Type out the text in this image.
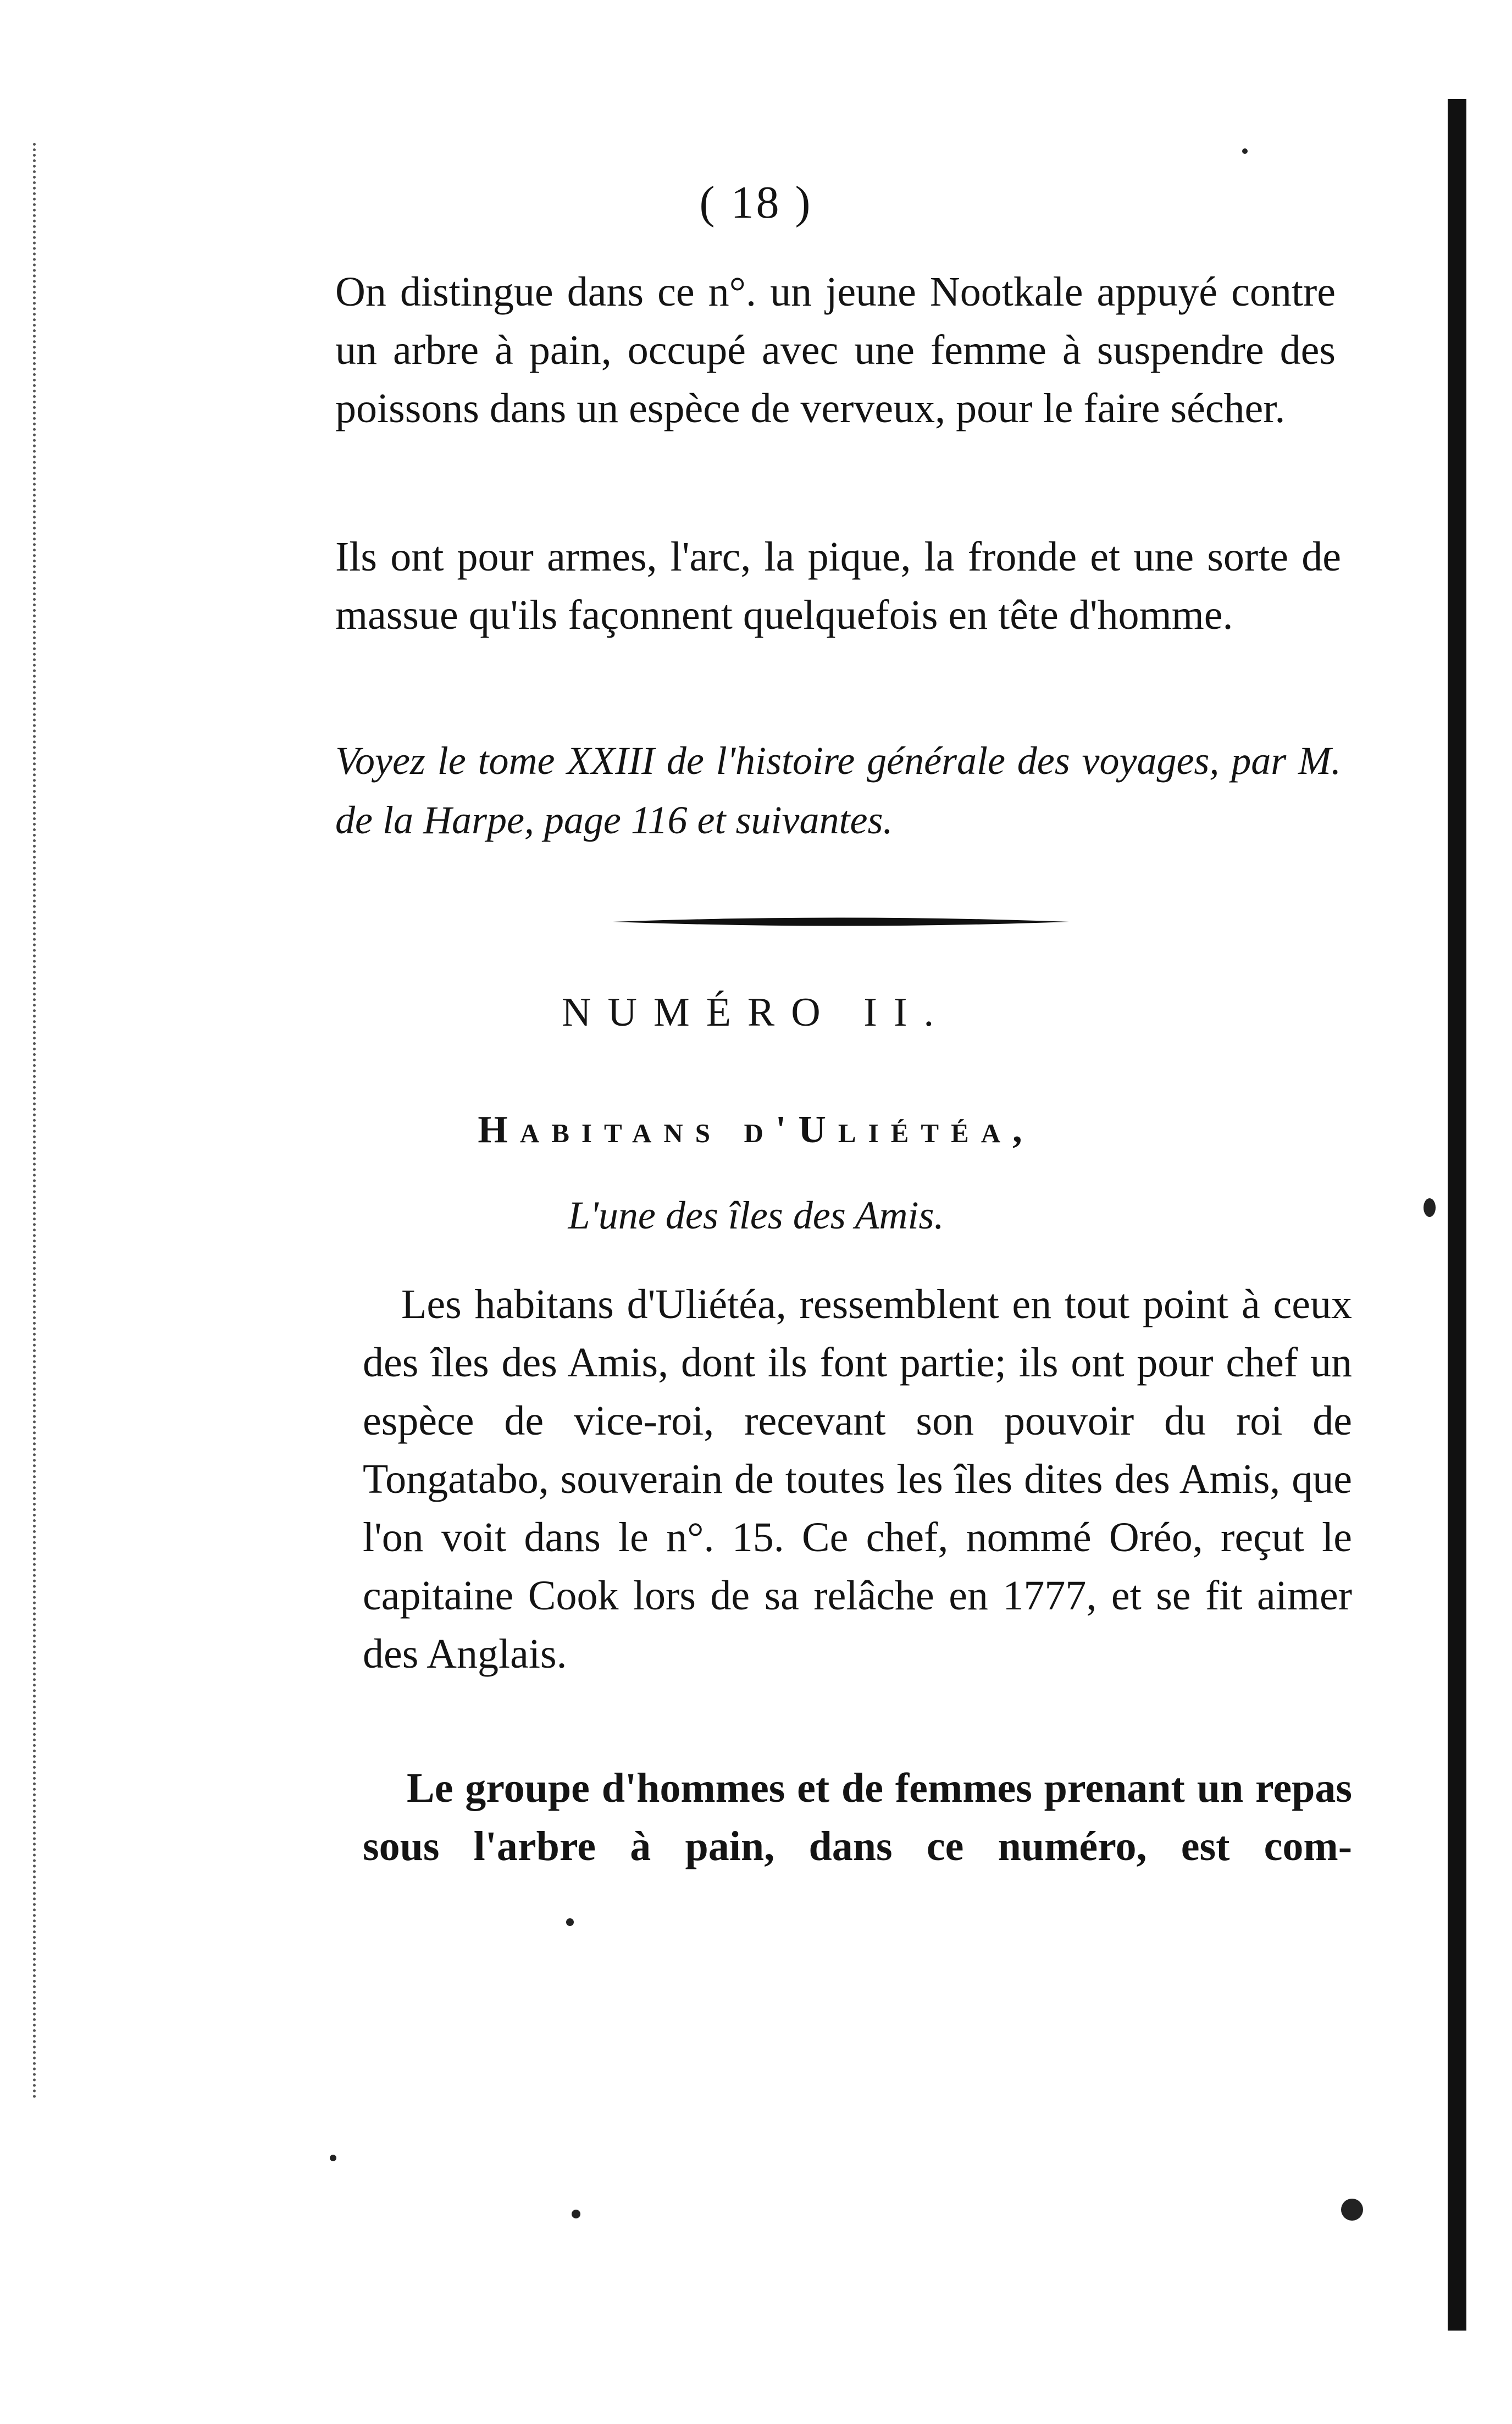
( 18 )

On distingue dans ce n°. un jeune Nootkale appuyé contre un arbre à pain, occupé avec une femme à suspendre des poissons dans un espèce de verveux, pour le faire sécher.

Ils ont pour armes, l'arc, la pique, la fronde et une sorte de massue qu'ils façonnent quelquefois en tête d'homme.

Voyez le tome XXIII de l'histoire générale des voyages, par M. de la Harpe, page 116 et suivantes.

NUMÉRO II.
Habitans d'Uliétéa,
L'une des îles des Amis.

Les habitans d'Uliétéa, ressemblent en tout point à ceux des îles des Amis, dont ils font partie; ils ont pour chef un espèce de vice-roi, recevant son pouvoir du roi de Tongatabo, souverain de toutes les îles dites des Amis, que l'on voit dans le n°. 15. Ce chef, nommé Oréo, reçut le capitaine Cook lors de sa relâche en 1777, et se fit aimer des Anglais.

Le groupe d'hommes et de femmes prenant un repas sous l'arbre à pain, dans ce numéro, est com-
